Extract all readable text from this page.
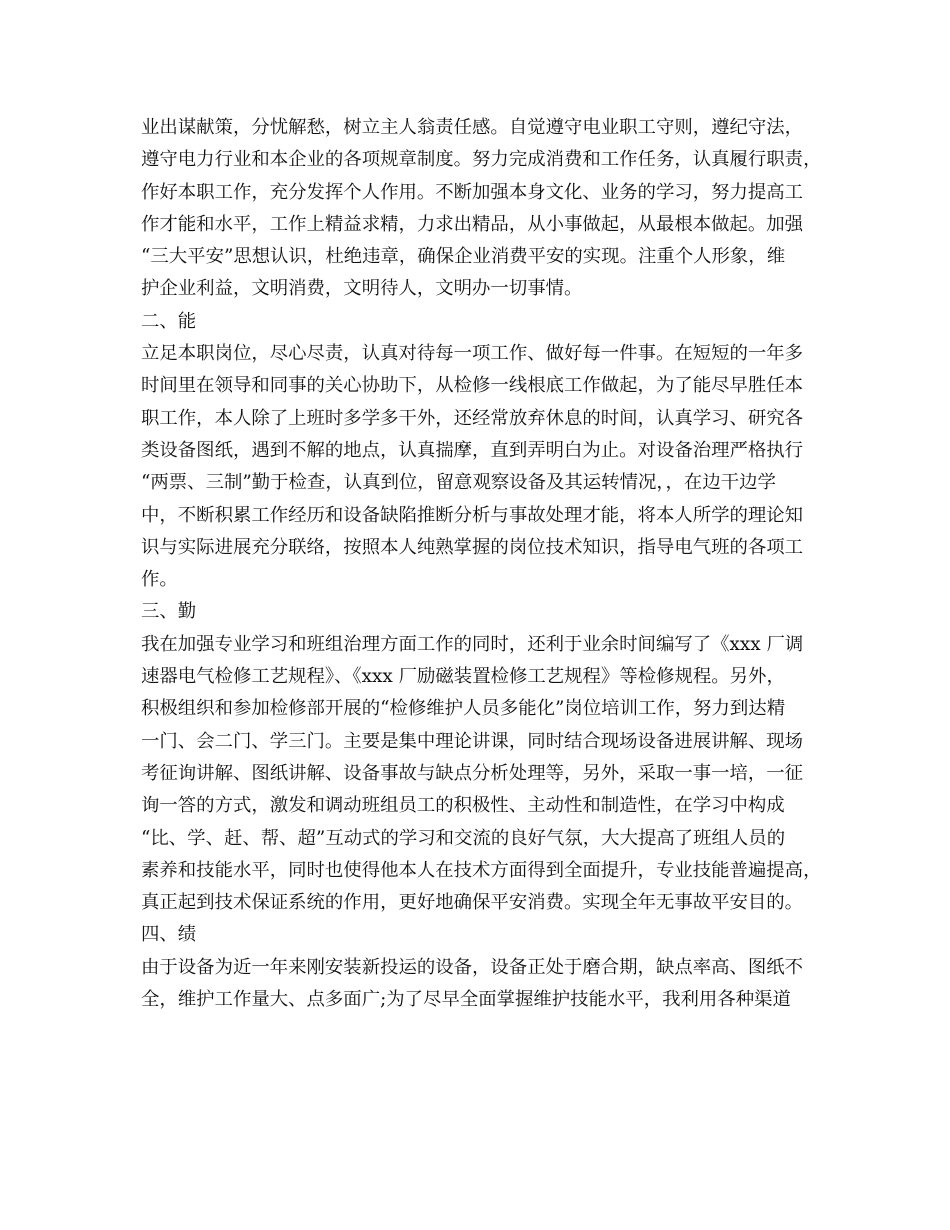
业出谋献策，分忧解愁，树立主人翁责任感。自觉遵守电业职工守则，遵纪守法，
遵守电力行业和本企业的各项规章制度。努力完成消费和工作任务，认真履行职责，
作好本职工作，充分发挥个人作用。不断加强本身文化、业务的学习，努力提高工
作才能和水平，工作上精益求精，力求出精品，从小事做起，从最根本做起。加强
“三大平安”思想认识，杜绝违章，确保企业消费平安的实现。注重个人形象，维
护企业利益，文明消费，文明待人，文明办一切事情。
二、能
立足本职岗位，尽心尽责，认真对待每一项工作、做好每一件事。在短短的一年多
时间里在领导和同事的关心协助下，从检修一线根底工作做起，为了能尽早胜任本
职工作，本人除了上班时多学多干外，还经常放弃休息的时间，认真学习、研究各
类设备图纸，遇到不解的地点，认真揣摩，直到弄明白为止。对设备治理严格执行
“两票、三制”勤于检查，认真到位，留意观察设备及其运转情况，，在边干边学
中，不断积累工作经历和设备缺陷推断分析与事故处理才能，将本人所学的理论知
识与实际进展充分联络，按照本人纯熟掌握的岗位技术知识，指导电气班的各项工
作。
三、勤
我在加强专业学习和班组治理方面工作的同时，还利于业余时间编写了《xxx 厂调
速器电气检修工艺规程》、《xxx 厂励磁装置检修工艺规程》等检修规程。另外，
积极组织和参加检修部开展的“检修维护人员多能化”岗位培训工作，努力到达精
一门、会二门、学三门。主要是集中理论讲课，同时结合现场设备进展讲解、现场
考征询讲解、图纸讲解、设备事故与缺点分析处理等，另外，采取一事一培，一征
询一答的方式，激发和调动班组员工的积极性、主动性和制造性，在学习中构成
“比、学、赶、帮、超”互动式的学习和交流的良好气氛，大大提高了班组人员的
素养和技能水平，同时也使得他本人在技术方面得到全面提升，专业技能普遍提高，
真正起到技术保证系统的作用，更好地确保平安消费。实现全年无事故平安目的。
四、绩
由于设备为近一年来刚安装新投运的设备，设备正处于磨合期，缺点率高、图纸不
全，维护工作量大、点多面广;为了尽早全面掌握维护技能水平，我利用各种渠道
